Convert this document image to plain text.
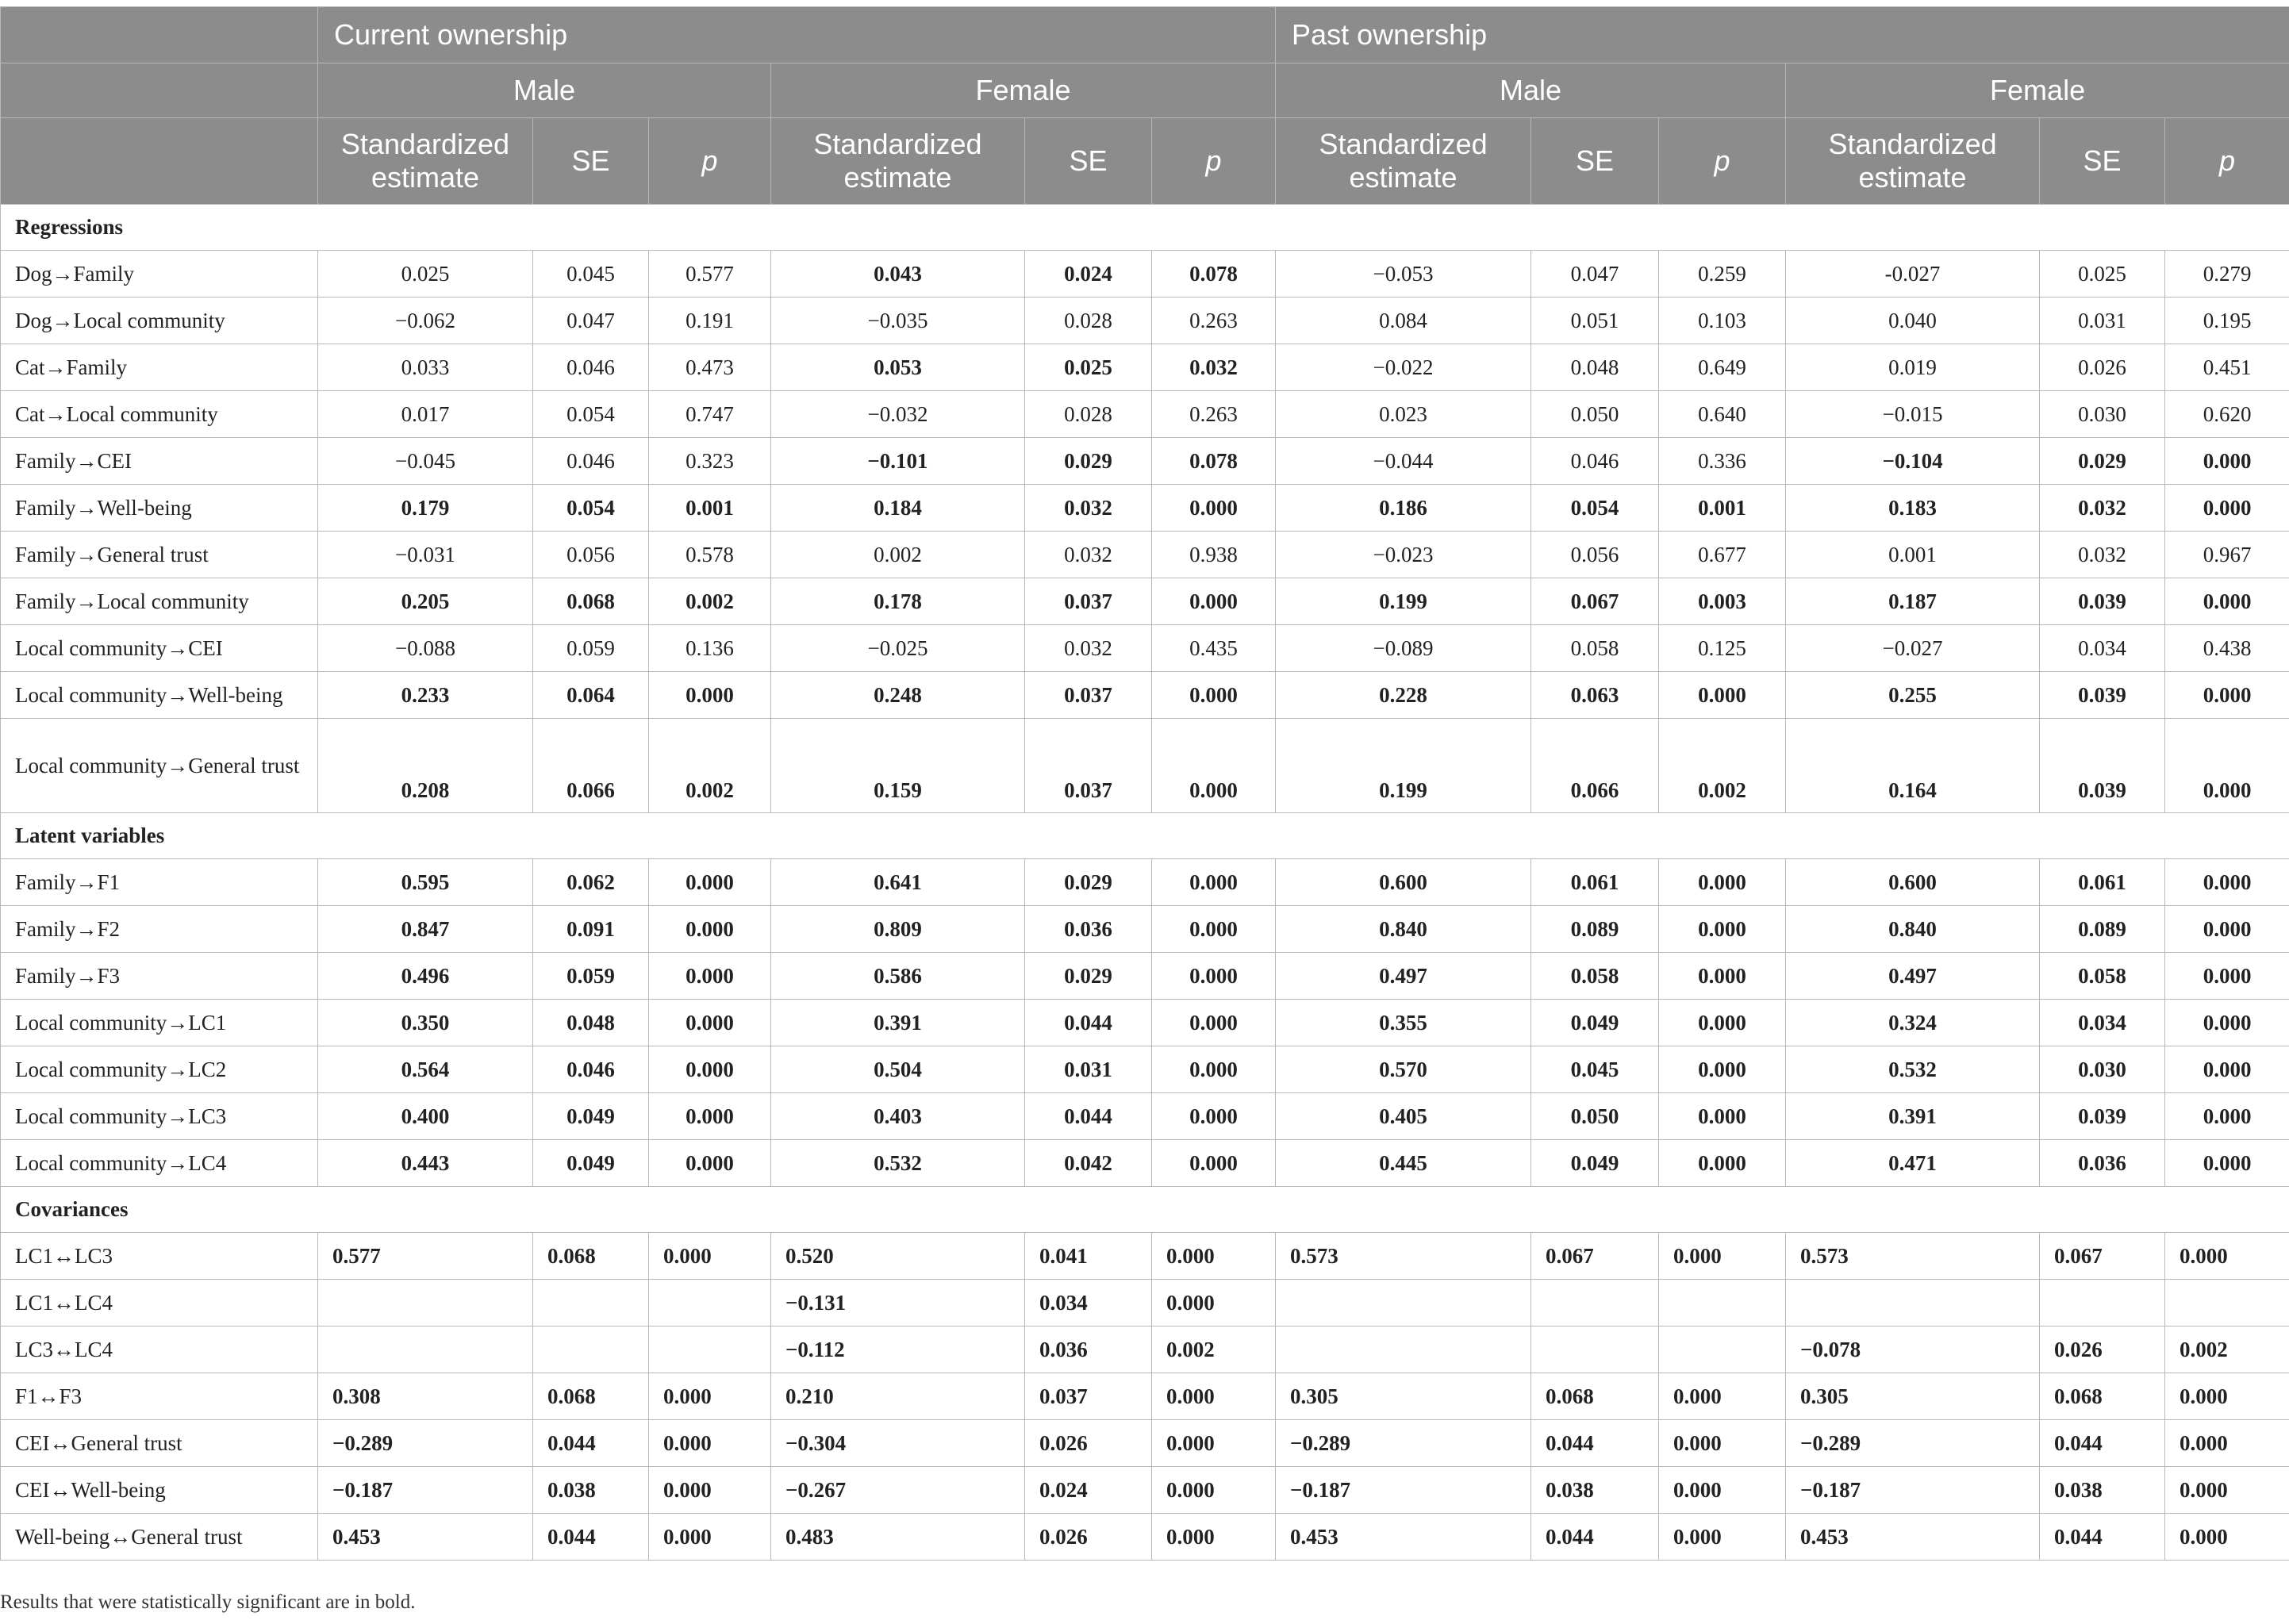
	Current ownership						Past ownership					
	Male			Female			Male			Female		
	Standardized estimate	SE	p	Standardized estimate	SE	p	Standardized estimate	SE	p	Standardized estimate	SE	p
Regressions												
Dog→Family	0.025	0.045	0.577	0.043	0.024	0.078	−0.053	0.047	0.259	-0.027	0.025	0.279
Dog→Local community	−0.062	0.047	0.191	−0.035	0.028	0.263	0.084	0.051	0.103	0.040	0.031	0.195
Cat→Family	0.033	0.046	0.473	0.053	0.025	0.032	−0.022	0.048	0.649	0.019	0.026	0.451
Cat→Local community	0.017	0.054	0.747	−0.032	0.028	0.263	0.023	0.050	0.640	−0.015	0.030	0.620
Family→CEI	−0.045	0.046	0.323	−0.101	0.029	0.078	−0.044	0.046	0.336	−0.104	0.029	0.000
Family→Well-being	0.179	0.054	0.001	0.184	0.032	0.000	0.186	0.054	0.001	0.183	0.032	0.000
Family→General trust	−0.031	0.056	0.578	0.002	0.032	0.938	−0.023	0.056	0.677	0.001	0.032	0.967
Family→Local community	0.205	0.068	0.002	0.178	0.037	0.000	0.199	0.067	0.003	0.187	0.039	0.000
Local community→CEI	−0.088	0.059	0.136	−0.025	0.032	0.435	−0.089	0.058	0.125	−0.027	0.034	0.438
Local community→Well-being	0.233	0.064	0.000	0.248	0.037	0.000	0.228	0.063	0.000	0.255	0.039	0.000
Local community→General trust	0.208	0.066	0.002	0.159	0.037	0.000	0.199	0.066	0.002	0.164	0.039	0.000
Latent variables												
Family→F1	0.595	0.062	0.000	0.641	0.029	0.000	0.600	0.061	0.000	0.600	0.061	0.000
Family→F2	0.847	0.091	0.000	0.809	0.036	0.000	0.840	0.089	0.000	0.840	0.089	0.000
Family→F3	0.496	0.059	0.000	0.586	0.029	0.000	0.497	0.058	0.000	0.497	0.058	0.000
Local community→LC1	0.350	0.048	0.000	0.391	0.044	0.000	0.355	0.049	0.000	0.324	0.034	0.000
Local community→LC2	0.564	0.046	0.000	0.504	0.031	0.000	0.570	0.045	0.000	0.532	0.030	0.000
Local community→LC3	0.400	0.049	0.000	0.403	0.044	0.000	0.405	0.050	0.000	0.391	0.039	0.000
Local community→LC4	0.443	0.049	0.000	0.532	0.042	0.000	0.445	0.049	0.000	0.471	0.036	0.000
Covariances												
LC1↔LC3	0.577	0.068	0.000	0.520	0.041	0.000	0.573	0.067	0.000	0.573	0.067	0.000
LC1↔LC4				−0.131	0.034	0.000						
LC3↔LC4				−0.112	0.036	0.002				−0.078	0.026	0.002
F1↔F3	0.308	0.068	0.000	0.210	0.037	0.000	0.305	0.068	0.000	0.305	0.068	0.000
CEI↔General trust	−0.289	0.044	0.000	−0.304	0.026	0.000	−0.289	0.044	0.000	−0.289	0.044	0.000
CEI↔Well-being	−0.187	0.038	0.000	−0.267	0.024	0.000	−0.187	0.038	0.000	−0.187	0.038	0.000
Well-being↔General trust	0.453	0.044	0.000	0.483	0.026	0.000	0.453	0.044	0.000	0.453	0.044	0.000
Results that were statistically significant are in bold.
